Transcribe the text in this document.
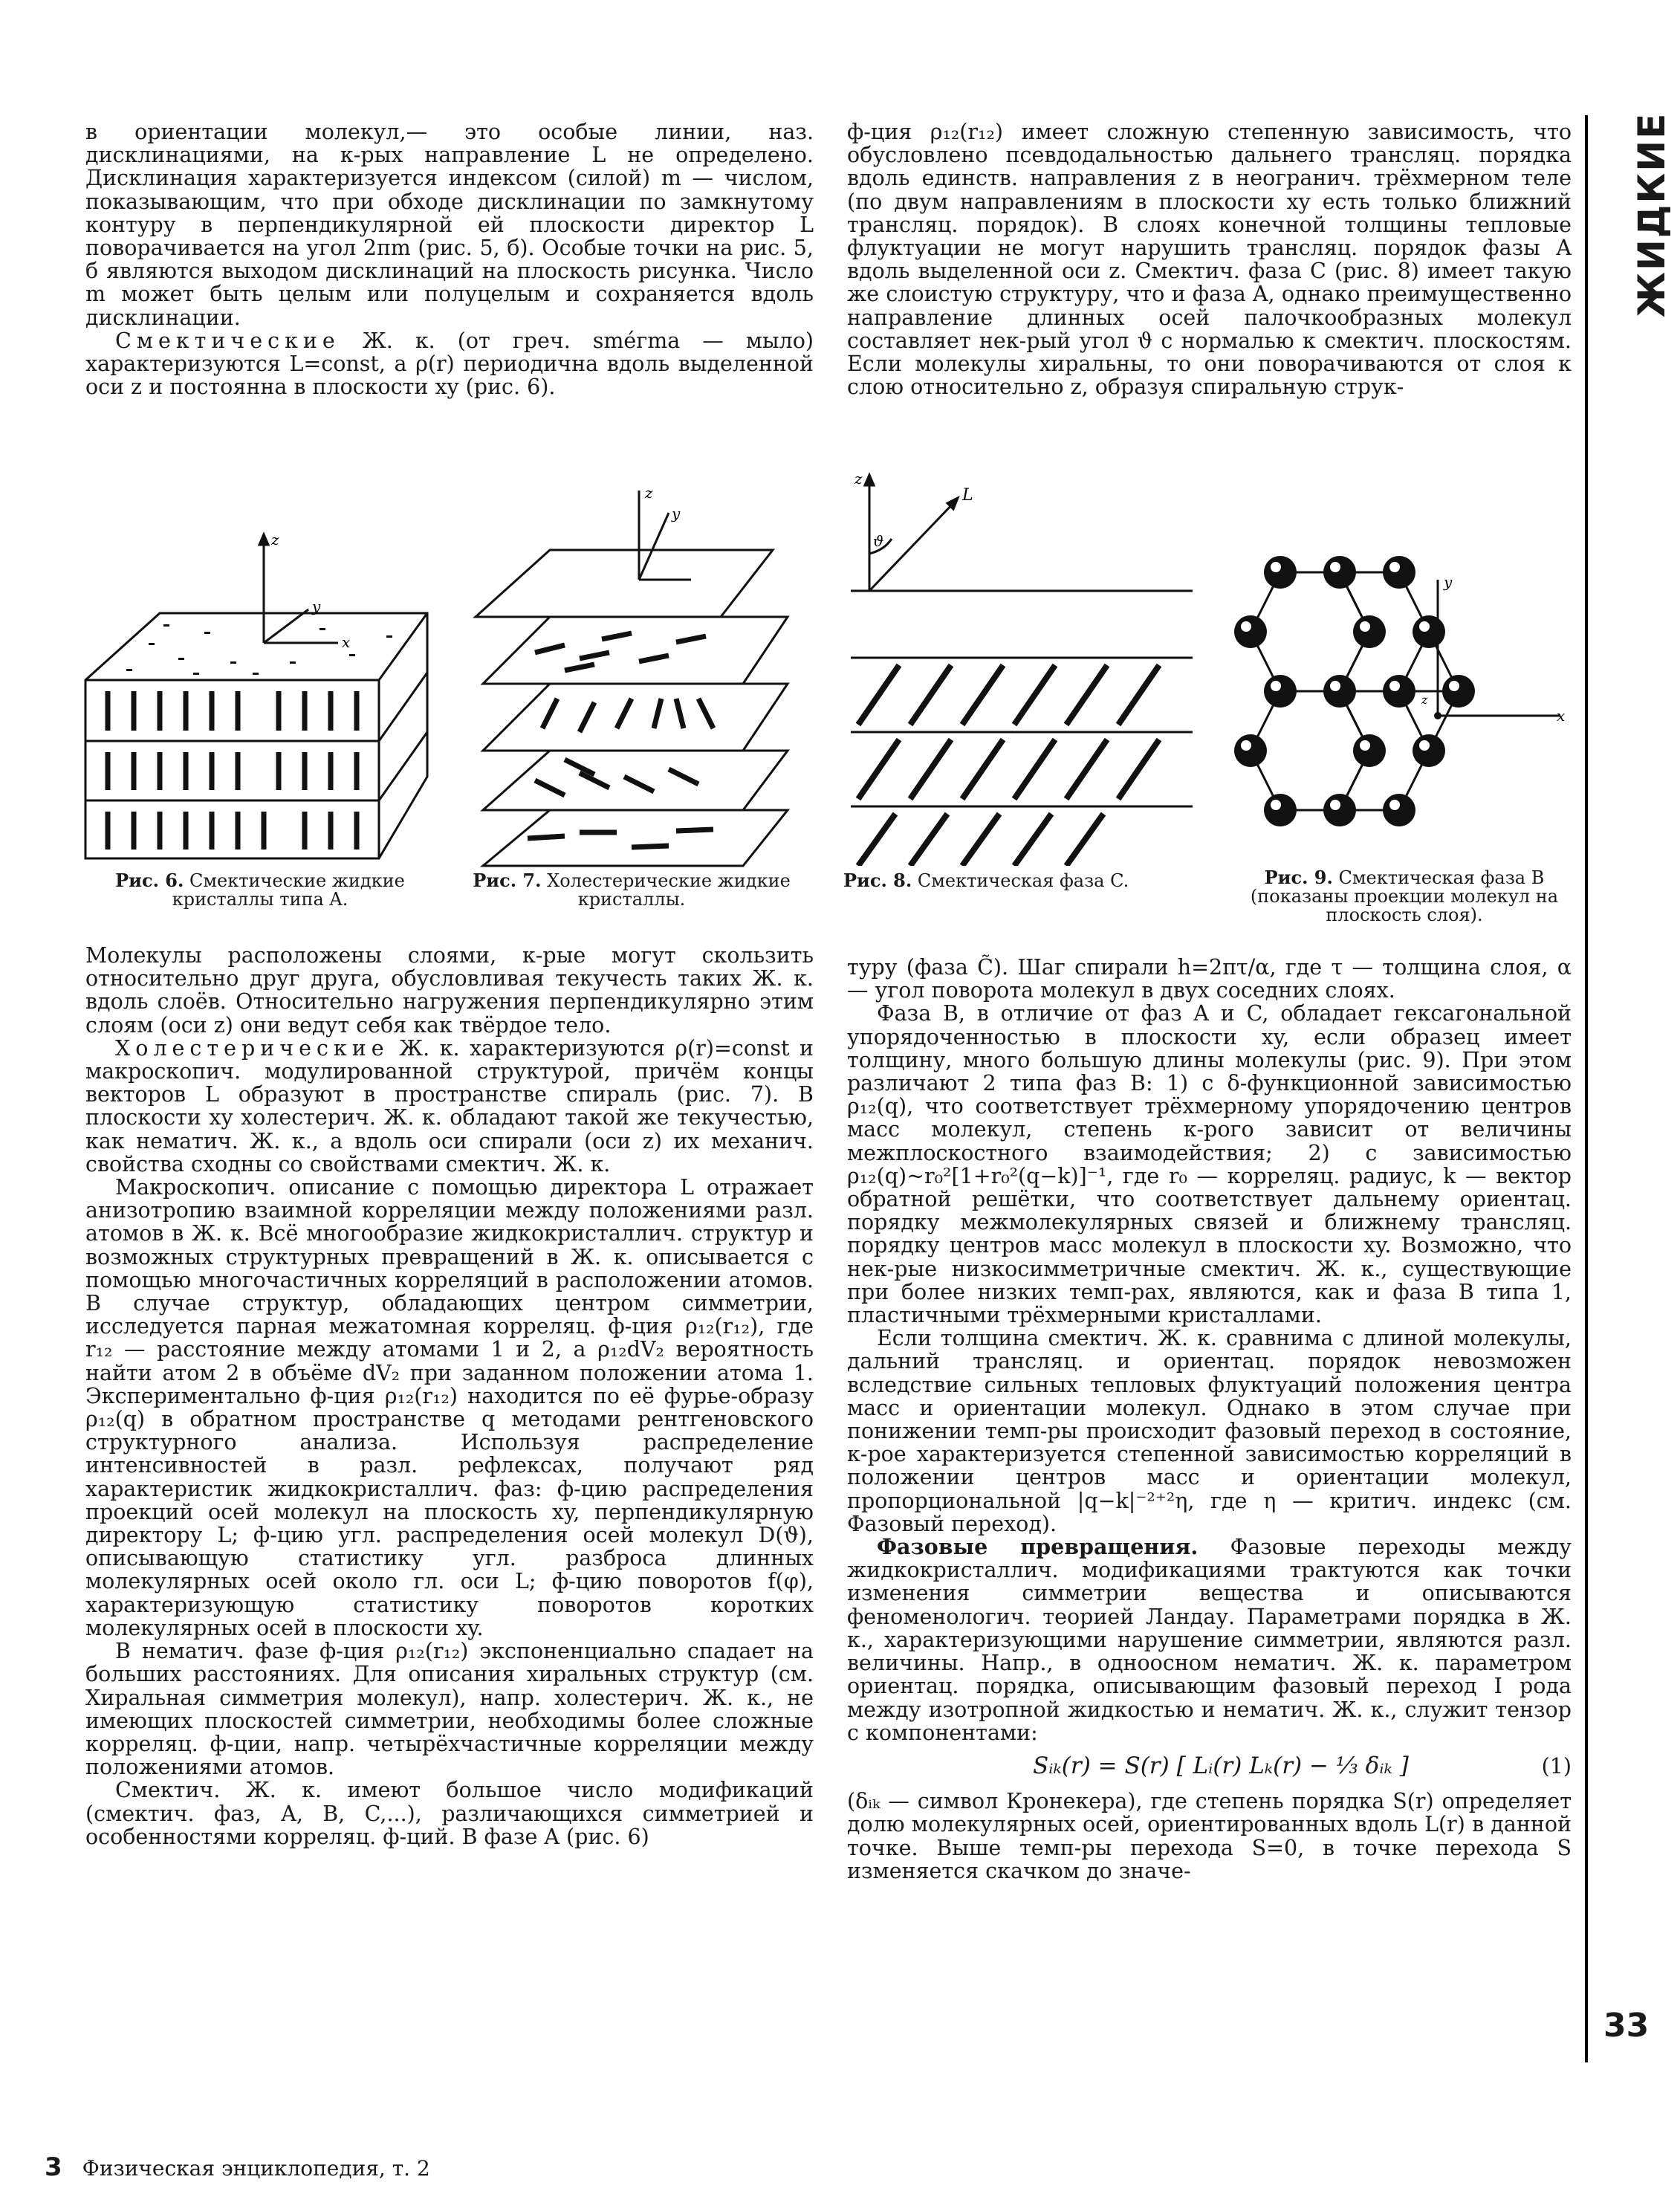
ЖИДКИЕ

в ориентации молекул,— это особые линии, наз. дисклинациями, на к-рых направление L не определено. Дисклинация характеризуется индексом (силой) m — числом, показывающим, что при обходе дисклинации по замкнутому контуру в перпендикулярной ей плоскости директор L поворачивается на угол 2πm (рис. 5, б). Особые точки на рис. 5, б являются выходом дисклинаций на плоскость рисунка. Число m может быть целым или полуцелым и сохраняется вдоль дисклинации.

Смектические Ж. к. (от греч. sméгma — мыло) характеризуются L=const, а ρ(r) периодична вдоль выделенной оси z и постоянна в плоскости xy (рис. 6).

ф-ция ρ₁₂(r₁₂) имеет сложную степенную зависимость, что обусловлено псевдодальностью дальнего трансляц. порядка вдоль единств. направления z в неогранич. трёхмерном теле (по двум направлениям в плоскости xy есть только ближний трансляц. порядок). В слоях конечной толщины тепловые флуктуации не могут нарушить трансляц. порядок фазы A вдоль выделенной оси z. Смектич. фаза C (рис. 8) имеет такую же слоистую структуру, что и фаза A, однако преимущественно направление длинных осей палочкообразных молекул составляет нек-рый угол ϑ с нормалью к смектич. плоскостям. Если молекулы хиральны, то они поворачиваются от слоя к слою относительно z, образуя спиральную струк-

z
y
x
Рис. 6. Смектические жидкие кристаллы типа A.
z
y
Рис. 7. Холестерические жидкие кристаллы.
z
L
ϑ
Рис. 8. Смектическая фаза C.
y
x
z
Рис. 9. Смектическая фаза B (показаны проекции молекул на плоскость слоя).

Молекулы расположены слоями, к-рые могут скользить относительно друг друга, обусловливая текучесть таких Ж. к. вдоль слоёв. Относительно нагружения перпендикулярно этим слоям (оси z) они ведут себя как твёрдое тело.

Холестерические Ж. к. характеризуются ρ(r)=const и макроскопич. модулированной структурой, причём концы векторов L образуют в пространстве спираль (рис. 7). В плоскости xy холестерич. Ж. к. обладают такой же текучестью, как нематич. Ж. к., а вдоль оси спирали (оси z) их механич. свойства сходны со свойствами смектич. Ж. к.

Макроскопич. описание с помощью директора L отражает анизотропию взаимной корреляции между положениями разл. атомов в Ж. к. Всё многообразие жидкокристаллич. структур и возможных структурных превращений в Ж. к. описывается с помощью многочастичных корреляций в расположении атомов. В случае структур, обладающих центром симметрии, исследуется парная межатомная корреляц. ф-ция ρ₁₂(r₁₂), где r₁₂ — расстояние между атомами 1 и 2, а ρ₁₂dV₂ вероятность найти атом 2 в объёме dV₂ при заданном положении атома 1. Экспериментально ф-ция ρ₁₂(r₁₂) находится по её фурье-образу ρ₁₂(q) в обратном пространстве q методами рентгеновского структурного анализа. Используя распределение интенсивностей в разл. рефлексах, получают ряд характеристик жидкокристаллич. фаз: ф-цию распределения проекций осей молекул на плоскость xy, перпендикулярную директору L; ф-цию угл. распределения осей молекул D(ϑ), описывающую статистику угл. разброса длинных молекулярных осей около гл. оси L; ф-цию поворотов f(φ), характеризующую статистику поворотов коротких молекулярных осей в плоскости xy.

В нематич. фазе ф-ция ρ₁₂(r₁₂) экспоненциально спадает на больших расстояниях. Для описания хиральных структур (см. Хиральная симметрия молекул), напр. холестерич. Ж. к., не имеющих плоскостей симметрии, необходимы более сложные корреляц. ф-ции, напр. четырёхчастичные корреляции между положениями атомов.

Смектич. Ж. к. имеют большое число модификаций (смектич. фаз, A, B, C,...), различающихся симметрией и особенностями корреляц. ф-ций. В фазе A (рис. 6)

туру (фаза C̃). Шаг спирали h=2πτ/α, где τ — толщина слоя, α — угол поворота молекул в двух соседних слоях.

Фаза B, в отличие от фаз A и C, обладает гексагональной упорядоченностью в плоскости xy, если образец имеет толщину, много большую длины молекулы (рис. 9). При этом различают 2 типа фаз B: 1) с δ-функционной зависимостью ρ₁₂(q), что соответствует трёхмерному упорядочению центров масс молекул, степень к-рого зависит от величины межплоскостного взаимодействия; 2) с зависимостью ρ₁₂(q)~r₀²[1+r₀²(q−k)]⁻¹, где r₀ — корреляц. радиус, k — вектор обратной решётки, что соответствует дальнему ориентац. порядку межмолекулярных связей и ближнему трансляц. порядку центров масс молекул в плоскости xy. Возможно, что нек-рые низкосимметричные смектич. Ж. к., существующие при более низких темп-рах, являются, как и фаза B типа 1, пластичными трёхмерными кристаллами.

Если толщина смектич. Ж. к. сравнима с длиной молекулы, дальний трансляц. и ориентац. порядок невозможен вследствие сильных тепловых флуктуаций положения центра масс и ориентации молекул. Однако в этом случае при понижении темп-ры происходит фазовый переход в состояние, к-рое характеризуется степенной зависимостью корреляций в положении центров масс и ориентации молекул, пропорциональной |q−k|⁻²⁺²η, где η — критич. индекс (см. Фазовый переход).

Фазовые превращения. Фазовые переходы между жидкокристаллич. модификациями трактуются как точки изменения симметрии вещества и описываются феноменологич. теорией Ландау. Параметрами порядка в Ж. к., характеризующими нарушение симметрии, являются разл. величины. Напр., в одноосном нематич. Ж. к. параметром ориентац. порядка, описывающим фазовый переход I рода между изотропной жидкостью и нематич. Ж. к., служит тензор с компонентами:

Sᵢₖ(r) = S(r) [ Lᵢ(r) Lₖ(r) − ⅓ δᵢₖ ]	(1)

(δᵢₖ — символ Кронекера), где степень порядка S(r) определяет долю молекулярных осей, ориентированных вдоль L(r) в данной точке. Выше темп-ры перехода S=0, в точке перехода S изменяется скачком до значе-

33
3 Физическая энциклопедия, т. 2
